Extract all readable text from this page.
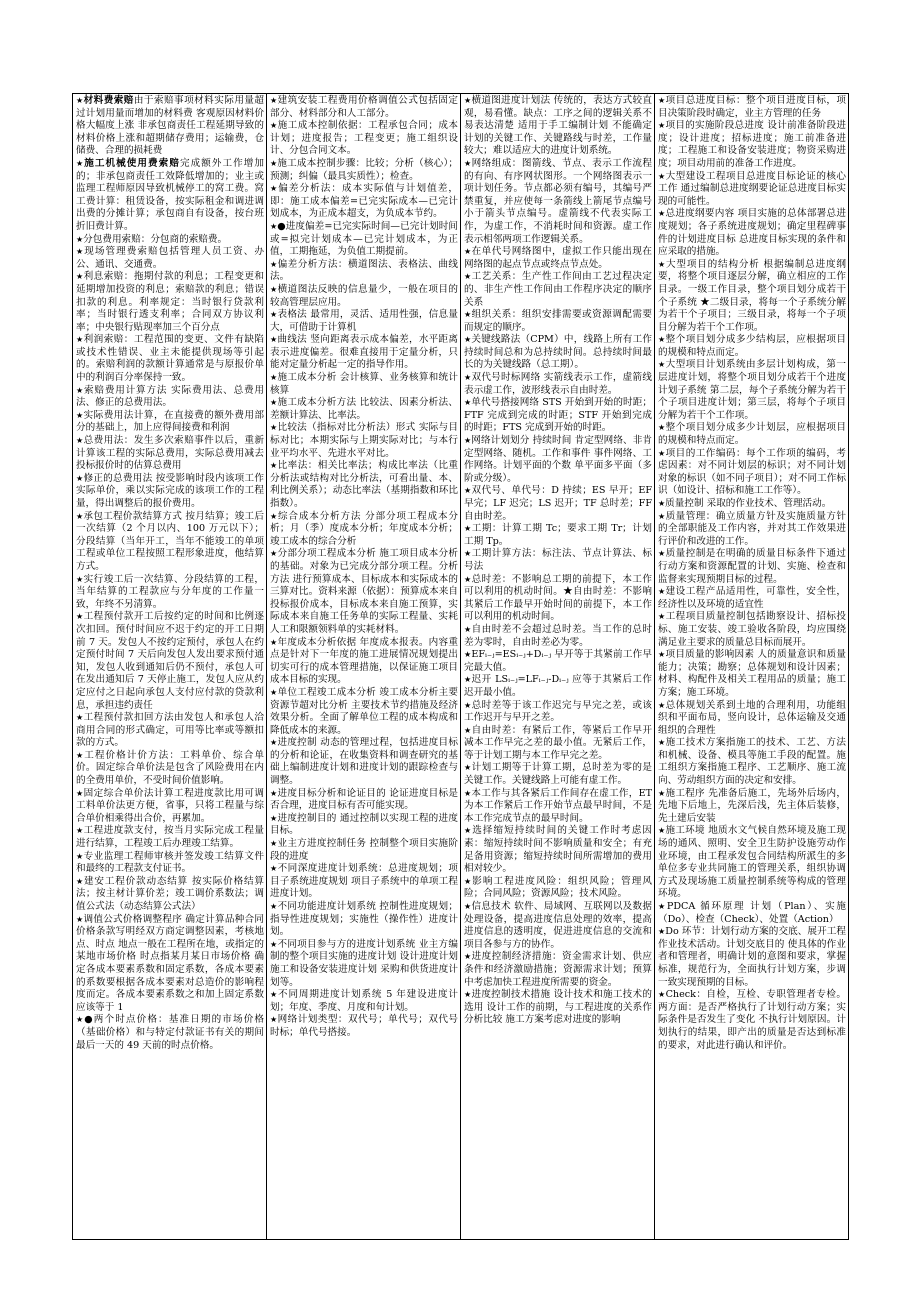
★ 材料费索赔由于索赔事项材料实际用量超过计划用量而增加的材料费 客观原因材料价格大幅度上涨 非承包商责任工程延期导致的材料价格上涨和超期储存费用；运输费，仓储费、合理的损耗费

★ 施工机械使用费索赔完成额外工作增加的；非承包商责任工效降低增加的；业主或监理工程师原因导致机械停工的窝工费。窝工费计算：租赁设备，按实际租金和调进调出费的分摊计算；承包商自有设备，按台班折旧费计算。

★ 分包费用索赔：分包商的索赔费。

★ 现场管理费索赔包括管理人员工资、办公、通讯、交通费。

★ 利息索赔：拖期付款的利息；工程变更和延期增加投资的利息；索赔款的利息；错误扣款的利息。利率规定：当时银行贷款利率；当时银行透支利率；合同双方协议利率；中央银行贴现率加三个百分点

★ 利润索赔：工程范围的变更、文件有缺陷或技术性错误、业主未能提供现场等引起的。索赔利润的款额计算通常是与原报价单中的利润百分率保持一致。

★ 索赔费用计算方法 实际费用法、总费用法、修正的总费用法。

★ 实际费用法计算，在直接费的额外费用部分的基础上，加上应得间接费和利润

★ 总费用法：发生多次索赔事件以后，重新计算该工程的实际总费用，实际总费用减去投标报价时的估算总费用

★ 修正的总费用法 按受影响时段内该项工作实际单价，乘以实际完成的该项工作的工程量，得出调整后的报价费用。

★ 承包工程价款结算方式 按月结算；竣工后一次结算（2 个月以内、100 万元以下）；分段结算（当年开工，当年不能竣工的单项工程或单位工程按照工程形象进度，他结算方式。

★ 实行竣工后一次结算、分段结算的工程，当年结算的工程款应与分年度的工作量一致，年终不另清算。

★ 工程预付款开工后按约定的时间和比例逐次扣回。预付时间应不迟于约定的开工日期前 7 天。发包人不按约定预付，承包人在约定预付时间 7 天后向发包人发出要求预付通知，发包人收到通知后仍不预付，承包人可在发出通知后 7 天停止施工，发包人应从约定应付之日起向承包人支付应付款的贷款利息，承担违约责任

★ 工程预付款扣回方法由发包人和承包人洽商用合同的形式确定，可用等比率或等额扣款的方式。

★ 工程价格计价方法：工料单价、综合单价。固定综合单价法是包含了风险费用在内的全费用单价，不受时间价值影响。

★ 固定综合单价法计算工程进度款比用可调工料单价法更方便，省事，只将工程量与综合单价相乘得出合价，再累加。

★ 工程进度款支付，按当月实际完成工程量进行结算，工程竣工后办理竣工结算。

★ 专业监理工程师审核并签发竣工结算文件和最终的工程款支付证书。

★ 建安工程价款动态结算 按实际价格结算法；按主材计算价差；竣工调价系数法；调值公式法（动态结算公式法）

★ 调值公式价格调整程序 确定计算品种合同价格条款写明经双方商定调整因素，考核地点、时点 地点一般在工程所在地，或指定的某地市场价格 时点指某月某日市场价格 确定各成本要素系数和固定系数，各成本要素的系数要根据各成本要素对总造价的影响程度而定。各成本要素系数之和加上固定系数应该等于 1

★ ●两个时点价格：基准日期的市场价格（基础价格）和与特定付款证书有关的期间最后一天的 49 天前的时点价格。

★ 建筑安装工程费用价格调值公式包括固定部分、材料部分和人工部分。

★ 施工成本控制依据：工程承包合同；成本计划；进度报告；工程变更；施工组织设计、分包合同文本。

★ 施工成本控制步骤：比较；分析（核心）；预测；纠偏（最具实质性）；检查。

★ 偏差分析法：成本实际值与计划值差，即：施工成本偏差=已完实际成本—已完计划成本，为正成本超支，为负成本节约。

★ ●进度偏差=已完实际时间—已完计划时间或=拟完计划成本—已完计划成本，为正值，工期拖延，为负值工期提前。

★ 偏差分析方法：横道图法、表格法、曲线法。

★ 横道图法反映的信息量少，一般在项目的较高管理层应用。

★ 表格法 最常用，灵活、适用性强，信息量大，可借助于计算机

★ 曲线法 竖向距离表示成本偏差，水平距离表示进度偏差。很难直接用于定量分析，只能对定量分析起一定的指导作用。

★ 施工成本分析 会计核算、业务核算和统计核算

★ 施工成本分析方法 比较法、因素分析法、差额计算法、比率法。

★ 比较法（指标对比分析法）形式 实际与目标对比；本期实际与上期实际对比；与本行业平均水平、先进水平对比。

★ 比率法：相关比率法；构成比率法（比重分析法或结构对比分析法，可看出量、本、利比例关系）；动态比率法（基期指数和环比指数）。

★ 综合成本分析方法 分部分项工程成本分析；月（季）度成本分析；年度成本分析；竣工成本的综合分析

★ 分部分项工程成本分析 施工项目成本分析的基础。对象为已完成分部分项工程。分析方法 进行预算成本、目标成本和实际成本的三算对比。资料来源（依据）：预算成本来自投标报价成本，目标成本来自施工预算，实际成本来自施工任务单的实际工程量、实耗人工和限额领料单的实耗材料。

★ 年度成本分析依据 年度成本报表。内容重点是针对下一年度的施工进展情况规划提出切实可行的成本管理措施，以保证施工项目成本目标的实现。

★ 单位工程竣工成本分析 竣工成本分析主要资源节超对比分析 主要技术节约措施及经济效果分析。全面了解单位工程的成本构成和降低成本的来源。

★ 进度控制 动态的管理过程，包括进度目标的分析和论证，在收集资料和调查研究的基础上编制进度计划和进度计划的跟踪检查与调整。

★ 进度目标分析和论证目的 论证进度目标是否合理，进度目标有否可能实现。

★ 进度控制目的 通过控制以实现工程的进度目标。

★ 业主方进度控制任务 控制整个项目实施阶段的进度

★ 不同深度进度计划系统：总进度规划；项目子系统进度规划 项目子系统中的单项工程进度计划。

★ 不同功能进度计划系统 控制性进度规划；指导性进度规划；实施性（操作性）进度计划。

★ 不同项目参与方的进度计划系统 业主方编制的整个项目实施的进度计划 设计进度计划 施工和设备安装进度计划 采购和供货进度计划等。

★ 不同周期进度计划系统 5 年建设进度计划；年度、季度、月度和旬计划。

★ 网络计划类型：双代号；单代号；双代号时标；单代号搭接。

★ 横道图进度计划法 传统的，表达方式较直观，易看懂。缺点：工序之间的逻辑关系不易表达清楚 适用于手工编制计划 不能确定计划的关键工作、关键路线与时差，工作量较大；难以适应大的进度计划系统。

★ 网络组成：图箭线、节点、表示工作流程的有向、有序网状图形。一个网络图表示一项计划任务。节点都必须有编号，其编号严禁重复，并应使每一条箭线上箭尾节点编号小于箭头节点编号。虚箭线不代表实际工作，为虚工作，不消耗时间和资源。虚工作表示相邻两项工作逻辑关系。

★ 在单代号网络图中，虚拟工作只能出现在网络图的起点节点或终点节点处。

★ 工艺关系：生产性工作间由工艺过程决定的、非生产性工作间由工作程序决定的顺序关系

★ 组织关系：组织安排需要或资源调配需要而规定的顺序。

★ 关键线路法（CPM）中，线路上所有工作持续时间总和为总持续时间。总持续时间最长的为关键线路（总工期）。

★ 双代号时标网络 实箭线表示工作，虚箭线表示虚工作，波形线表示自由时差。

★ 单代号搭接网络 STS 开始到开始的时距；FTF 完成到完成的时距；STF 开始到完成的时距；FTS 完成到开始的时距。

★ 网络计划划分 持续时间 肯定型网络、非肯定型网络、随机。工作和事件 事件网络、工作网络。计划平面的个数 单平面多平面（多阶或分级）。

★ 双代号、单代号：D 持续；ES 早开；EF 早完；LF 迟完；LS 迟开；TF 总时差；FF 自由时差。

★ 工期：计算工期 Tc；要求工期 Tr；计划工期 Tp。

★ 工期计算方法：标注法、节点计算法、标号法

★ 总时差：不影响总工期的前提下，本工作可以利用的机动时间。★自由时差：不影响其紧后工作最早开始时间的前提下，本工作可以利用的机动时间。

★ 自由时差不会超过总时差。当工作的总时差为零时，自由时差必为零。

★ EFᵢ₋ⱼ=ESᵢ₋ⱼ+Dᵢ₋ⱼ 早开等于其紧前工作早完最大值。

★ 迟开 LSᵢ₋ⱼ=LFᵢ₋ⱼ-Dᵢ₋ⱼ 应等于其紧后工作迟开最小值。

★ 总时差等于该工作迟完与早完之差，或该工作迟开与早开之差。

★ 自由时差：有紧后工作，等紧后工作早开减本工作早完之差的最小值。无紧后工作，等于计划工期与本工作早完之差。

★ 计划工期等于计算工期，总时差为零的是关键工作。关键线路上可能有虚工作。

★ 本工作与其各紧后工作间存在虚工作，ET 为本工作紧后工作开始节点最早时间，不是本工作完成节点的最早时间。

★ 选择缩短持续时间的关键工作时考虑因素：缩短持续时间不影响质量和安全；有充足备用资源；缩短持续时间所需增加的费用相对较少。

★ 影响工程进度风险：组织风险；管理风险；合同风险；资源风险；技术风险。

★ 信息技术 软件、局域网、互联网以及数据处理设备，提高进度信息处理的效率，提高进度信息的透明度，促进进度信息的交流和项目各参与方的协作。

★ 进度控制经济措施：资金需求计划、供应条件和经济激励措施；资源需求计划；预算中考虑加快工程进度所需要的资金。

★ 进度控制技术措施 设计技术和施工技术的选用 设计工作的前期，与工程进度的关系作分析比较 施工方案考虑对进度的影响

★ 项目总进度目标：整个项目进度目标，项目决策阶段时确定，业主方管理的任务

★ 项目的实施阶段总进度 设计前准备阶段进度；设计进度；招标进度；施工前准备进度；工程施工和设备安装进度；物资采购进度；项目动用前的准备工作进度。

★ 大型建设工程项目总进度目标论证的核心工作 通过编制总进度纲要论证总进度目标实现的可能性。

★ 总进度纲要内容 项目实施的总体部署总进度规划；各子系统进度规划；确定里程碑事件的计划进度目标 总进度目标实现的条件和应采取的措施。

★ 大型项目的结构分析 根据编制总进度纲要，将整个项目逐层分解，确立相应的工作目录。一级工作目录，整个项目划分成若干个子系统 ★二级目录，将每一个子系统分解为若干个子项目；三级目录，将每一个子项目分解为若干个工作项。

★ 整个项目划分成多少结构层，应根据项目的规模和特点而定。

★ 大型项目计划系统由多层计划构成，第一层进度计划，将整个项目划分成若干个进度计划子系统 第二层，每个子系统分解为若干个子项目进度计划；第三层，将每个子项目分解为若干个工作项。

★ 整个项目划分成多少计划层，应根据项目的规模和特点而定。

★ 项目的工作编码：每个工作项的编码，考虑因素：对不同计划层的标识；对不同计划对象的标识（如不同子项目）；对不同工作标识（如设计、招标和施工工作等）。

★ 质量控制 采取的作业技术、管理活动。

★ 质量管理：确立质量方针及实施质量方针的全部职能及工作内容，并对其工作效果进行评价和改进的工作。

★ 质量控制是在明确的质量目标条件下通过行动方案和资源配置的计划、实施、检查和监督来实现预期目标的过程。

★ 建设工程产品适用性，可靠性，安全性，经济性以及环境的适宜性

★ 工程项目质量控制包括勘察设计、招标投标、施工安装、竣工验收各阶段，均应围绕满足业主要求的质量总目标而展开。

★ 项目质量的影响因素 人的质量意识和质量能力；决策；勘察；总体规划和设计因素；材料、构配件及相关工程用品的质量；施工方案；施工环境。

★ 总体规划关系到土地的合理利用，功能组织和平面布局，竖向设计，总体运输及交通组织的合理性

★ 施工技术方案指施工的技术、工艺、方法和机械、设备、模具等施工手段的配置。施工组织方案指施工程序、工艺顺序、施工流向、劳动组织方面的决定和安排。

★ 施工程序 先准备后施工，先场外后场内，先地下后地上，先深后浅，先主体后装修，先土建后安装

★ 施工环境 地质水文气候自然环境及施工现场的通风、照明、安全卫生防护设施劳动作业环境，由工程承发包合同结构所派生的多单位多专业共同施工的管理关系，组织协调方式及现场施工质量控制系统等构成的管理环境。

★ PDCA 循环原理 计划（Plan）、实施（Do）、检查（Check）、处置（Action）

★ Do 环节：计划行动方案的交底、展开工程作业技术活动。计划交底目的 使具体的作业者和管理者，明确计划的意图和要求，掌握标准，规范行为，全面执行计划方案，步调一致实现预期的目标。

★ Check：自检，互检、专职管理者专检。两方面：是否严格执行了计划行动方案；实际条件是否发生了变化 不执行计划原因。计划执行的结果，即产出的质量是否达到标准的要求，对此进行确认和评价。
